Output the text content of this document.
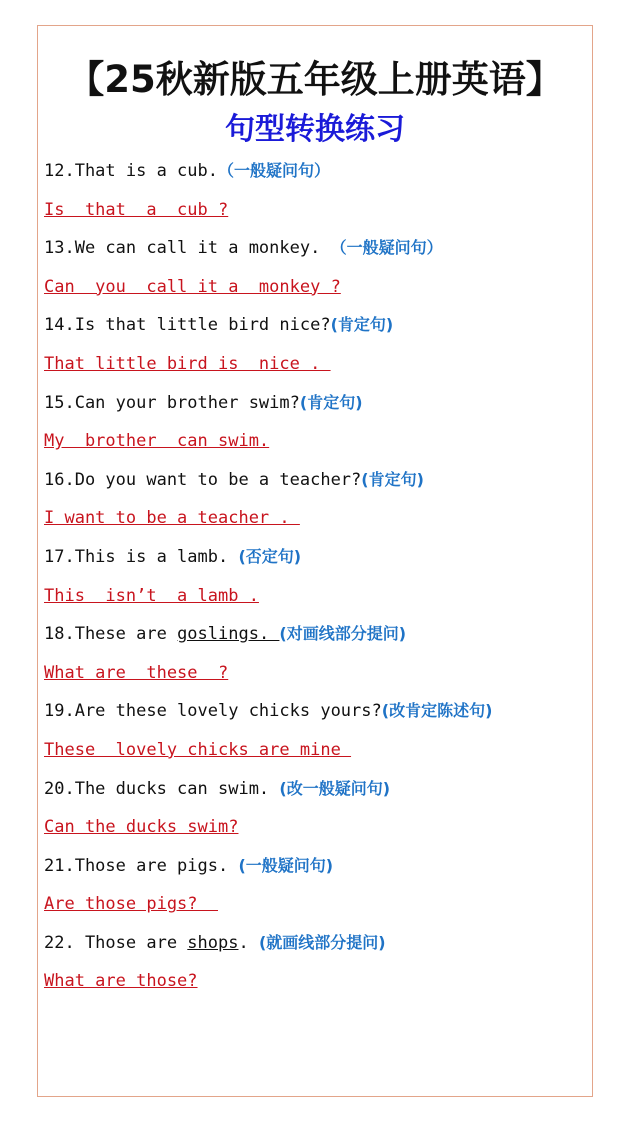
【25秋新版五年级上册英语】
句型转换练习
12.That is a cub.（一般疑问句）
Is  that  a  cub ?
13.We can call it a monkey. （一般疑问句）
Can  you  call it a  monkey ?
14.Is that little bird nice?(肯定句)
That little bird is  nice .
15.Can your brother swim?(肯定句)
My  brother  can swim.
16.Do you want to be a teacher?(肯定句)
I want to be a teacher .
17.This is a lamb. (否定句)
This  isn’t  a lamb .
18.These are goslings. (对画线部分提问)
What are  these  ?
19.Are these lovely chicks yours?(改肯定陈述句)
These  lovely chicks are mine
20.The ducks can swim. (改一般疑问句)
Can the ducks swim?
21.Those are pigs. (一般疑问句)
Are those pigs?
22. Those are shops. (就画线部分提问)
What are those?
